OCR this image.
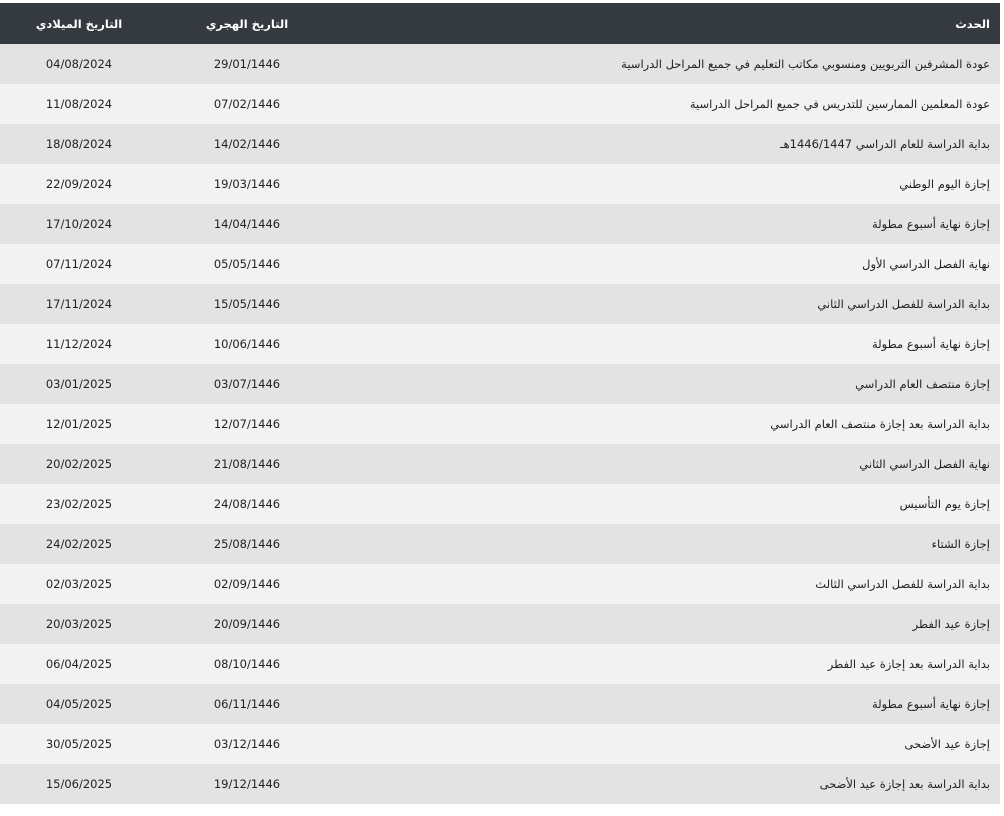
الحدث	التاريخ الهجري	التاريخ الميلادي
عودة المشرفين التربويين ومنسوبي مكاتب التعليم في جميع المراحل الدراسية	29/01/1446	04/08/2024
عودة المعلمين الممارسين للتدريس في جميع المراحل الدراسية	07/02/1446	11/08/2024
بداية الدراسة للعام الدراسي 1446/1447هـ	14/02/1446	18/08/2024
إجازة اليوم الوطني	19/03/1446	22/09/2024
إجازة نهاية أسبوع مطولة	14/04/1446	17/10/2024
نهاية الفصل الدراسي الأول	05/05/1446	07/11/2024
بداية الدراسة للفصل الدراسي الثاني	15/05/1446	17/11/2024
إجازة نهاية أسبوع مطولة	10/06/1446	11/12/2024
إجازة منتصف العام الدراسي	03/07/1446	03/01/2025
بداية الدراسة بعد إجازة منتصف العام الدراسي	12/07/1446	12/01/2025
نهاية الفصل الدراسي الثاني	21/08/1446	20/02/2025
إجازة يوم التأسيس	24/08/1446	23/02/2025
إجازة الشتاء	25/08/1446	24/02/2025
بداية الدراسة للفصل الدراسي الثالث	02/09/1446	02/03/2025
إجازة عيد الفطر	20/09/1446	20/03/2025
بداية الدراسة بعد إجازة عيد الفطر	08/10/1446	06/04/2025
إجازة نهاية أسبوع مطولة	06/11/1446	04/05/2025
إجازة عيد الأضحى	03/12/1446	30/05/2025
بداية الدراسة بعد إجازة عيد الأضحى	19/12/1446	15/06/2025
